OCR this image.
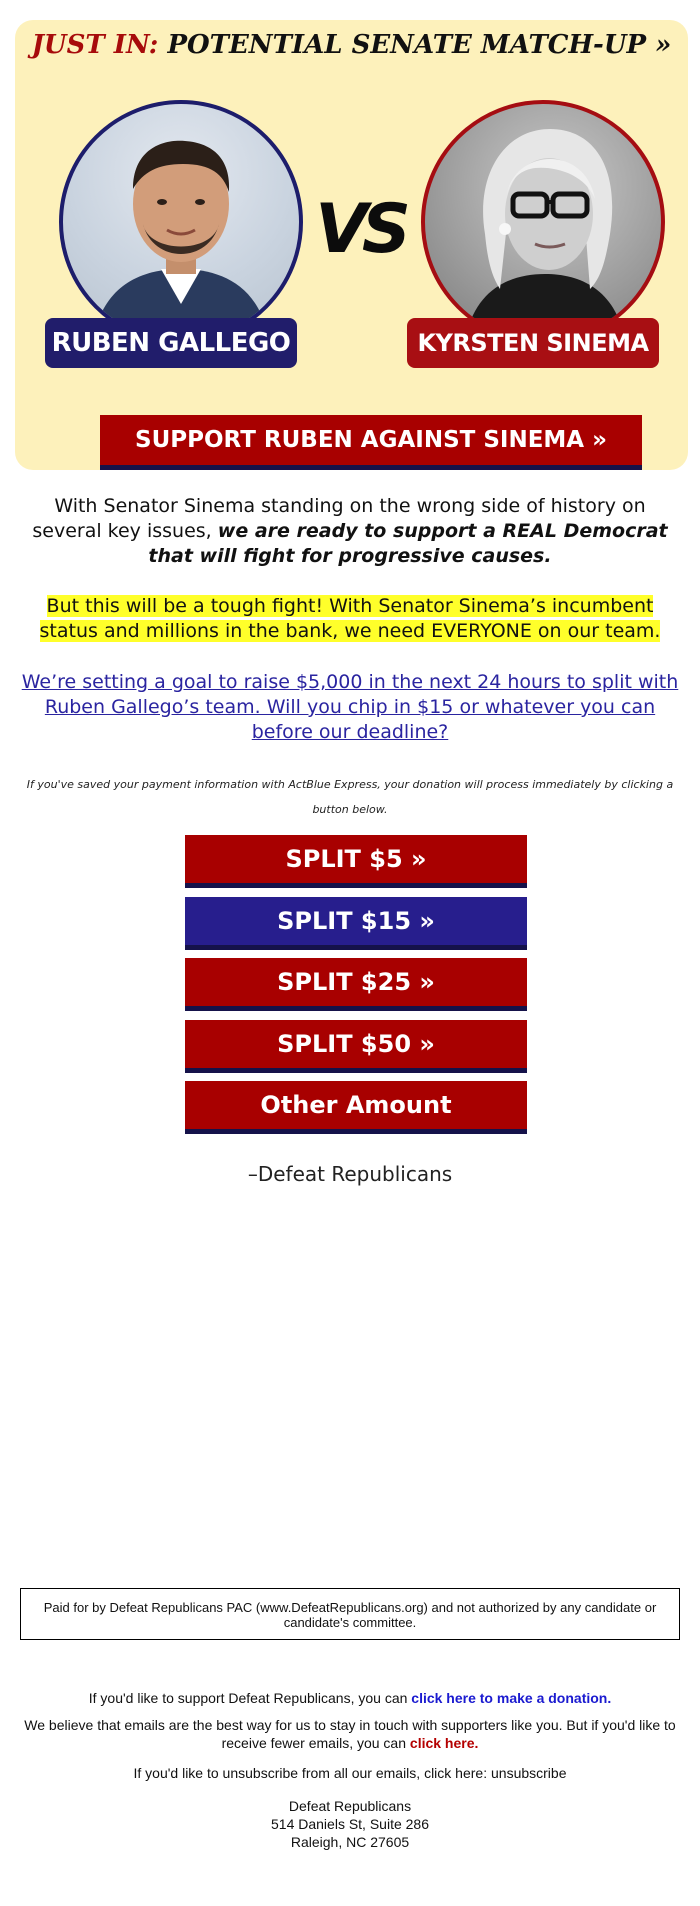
JUST IN: POTENTIAL SENATE MATCH-UP »
RUBEN GALLEGO
VS
KYRSTEN SINEMA
SUPPORT RUBEN AGAINST SINEMA »
With Senator Sinema standing on the wrong side of history on several key issues, we are ready to support a REAL Democrat that will fight for progressive causes.
But this will be a tough fight! With Senator Sinema’s incumbent status and millions in the bank, we need EVERYONE on our team.
We’re setting a goal to raise $5,000 in the next 24 hours to split with Ruben Gallego’s team. Will you chip in $15 or whatever you can before our deadline?
If you've saved your payment information with ActBlue Express, your donation will process immediately by clicking a button below.
SPLIT $5 »
SPLIT $15 »
SPLIT $25 »
SPLIT $50 »
Other Amount
–Defeat Republicans
Paid for by Defeat Republicans PAC (www.DefeatRepublicans.org) and not authorized by any candidate or candidate's committee.
If you'd like to support Defeat Republicans, you can click here to make a donation.
We believe that emails are the best way for us to stay in touch with supporters like you. But if you'd like to receive fewer emails, you can click here.
If you'd like to unsubscribe from all our emails, click here: unsubscribe
Defeat Republicans
514 Daniels St, Suite 286
Raleigh, NC 27605
